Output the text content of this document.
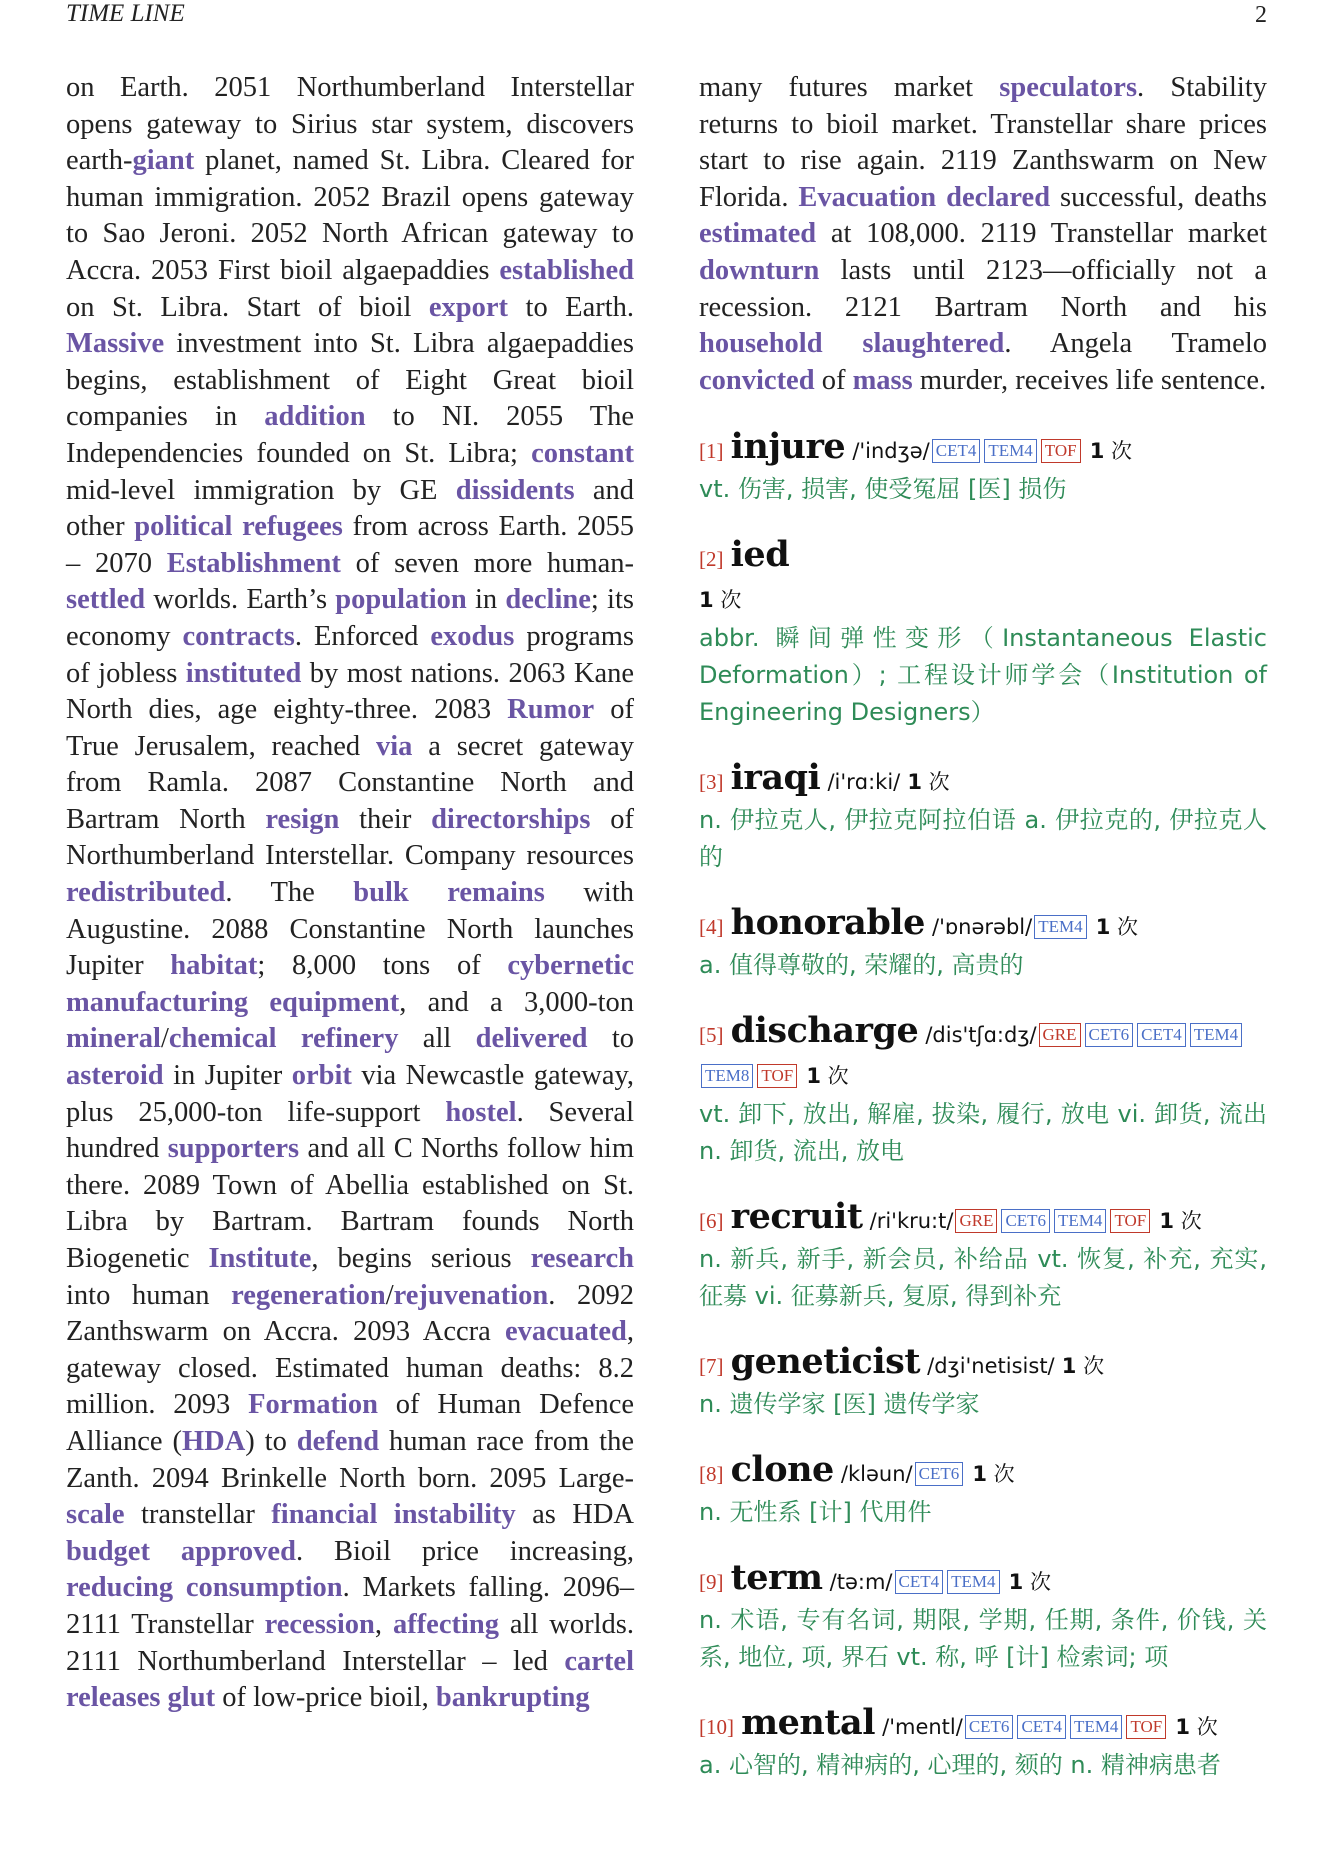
TIME LINE	2
on Earth. 2051 Northumberland Interstellar opens gateway to Sirius star system, discovers earth-giant planet, named St. Libra. Cleared for human immigration. 2052 Brazil opens gateway to Sao Jeroni. 2052 North African gateway to Accra. 2053 First bioil algaepaddies established on St. Libra. Start of bioil export to Earth. Massive investment into St. Libra algaepaddies begins, establishment of Eight Great bioil companies in addition to NI. 2055 The Independencies founded on St. Libra; constant mid-level immigration by GE dissidents and other political refugees from across Earth. 2055 – 2070 Establishment of seven more human-settled worlds. Earth’s population in decline; its economy contracts. Enforced exodus programs of jobless instituted by most nations. 2063 Kane North dies, age eighty-three. 2083 Rumor of True Jerusalem, reached via a secret gateway from Ramla. 2087 Constantine North and Bartram North resign their directorships of Northumberland Interstellar. Company resources redistributed. The bulk remains with Augustine. 2088 Constantine North launches Jupiter habitat; 8,000 tons of cybernetic manufacturing equipment, and a 3,000-ton mineral/chemical refinery all delivered to asteroid in Jupiter orbit via Newcastle gateway, plus 25,000-ton life-support hostel. Several hundred supporters and all C Norths follow him there. 2089 Town of Abellia established on St. Libra by Bartram. Bartram founds North Biogenetic Institute, begins serious research into human regeneration/rejuvenation. 2092 Zanthswarm on Accra. 2093 Accra evacuated, gateway closed. Estimated human deaths: 8.2 million. 2093 Formation of Human Defence Alliance (HDA) to defend human race from the Zanth. 2094 Brinkelle North born. 2095 Large-scale transtellar financial instability as HDA budget approved. Bioil price increasing, reducing consumption. Markets falling. 2096–2111 Transtellar recession, affecting all worlds. 2111 Northumberland Interstellar – led cartel releases glut of low-price bioil, bankrupting
many futures market speculators. Stability returns to bioil market. Transtellar share prices start to rise again. 2119 Zanthswarm on New Florida. Evacuation declared successful, deaths estimated at 108,000. 2119 Transtellar market downturn lasts until 2123—officially not a recession. 2121 Bartram North and his household slaughtered. Angela Tramelo convicted of mass murder, receives life sentence.
[1] injure /'indʒə/ CET4 TEM4 TOF 1 次
vt. 伤害, 损害, 使受冤屈 [医] 损伤
[2] ied
1 次
abbr. 瞬间弹性变形（Instantaneous Elastic Deformation）; 工程设计师学会（Institution of Engineering Designers）
[3] iraqi /i'rɑ:ki/ 1 次
n. 伊拉克人, 伊拉克阿拉伯语 a. 伊拉克的, 伊拉克人的
[4] honorable /'ɒnərəbl/ TEM4 1 次
a. 值得尊敬的, 荣耀的, 高贵的
[5] discharge /dis'tʃɑ:dʒ/ GRE CET6 CET4 TEM4TEM8 TOF 1 次
vt. 卸下, 放出, 解雇, 拔染, 履行, 放电 vi. 卸货, 流出 n. 卸货, 流出, 放电
[6] recruit /ri'kru:t/ GRE CET6 TEM4 TOF 1 次
n. 新兵, 新手, 新会员, 补给品 vt. 恢复, 补充, 充实, 征募 vi. 征募新兵, 复原, 得到补充
[7] geneticist /dʒi'netisist/ 1 次
n. 遗传学家 [医] 遗传学家
[8] clone /kləun/ CET6 1 次
n. 无性系 [计] 代用件
[9] term /tə:m/ CET4 TEM4 1 次
n. 术语, 专有名词, 期限, 学期, 任期, 条件, 价钱, 关系, 地位, 项, 界石 vt. 称, 呼 [计] 检索词; 项
[10] mental /'mentl/ CET6 CET4 TEM4 TOF 1 次
a. 心智的, 精神病的, 心理的, 颏的 n. 精神病患者
